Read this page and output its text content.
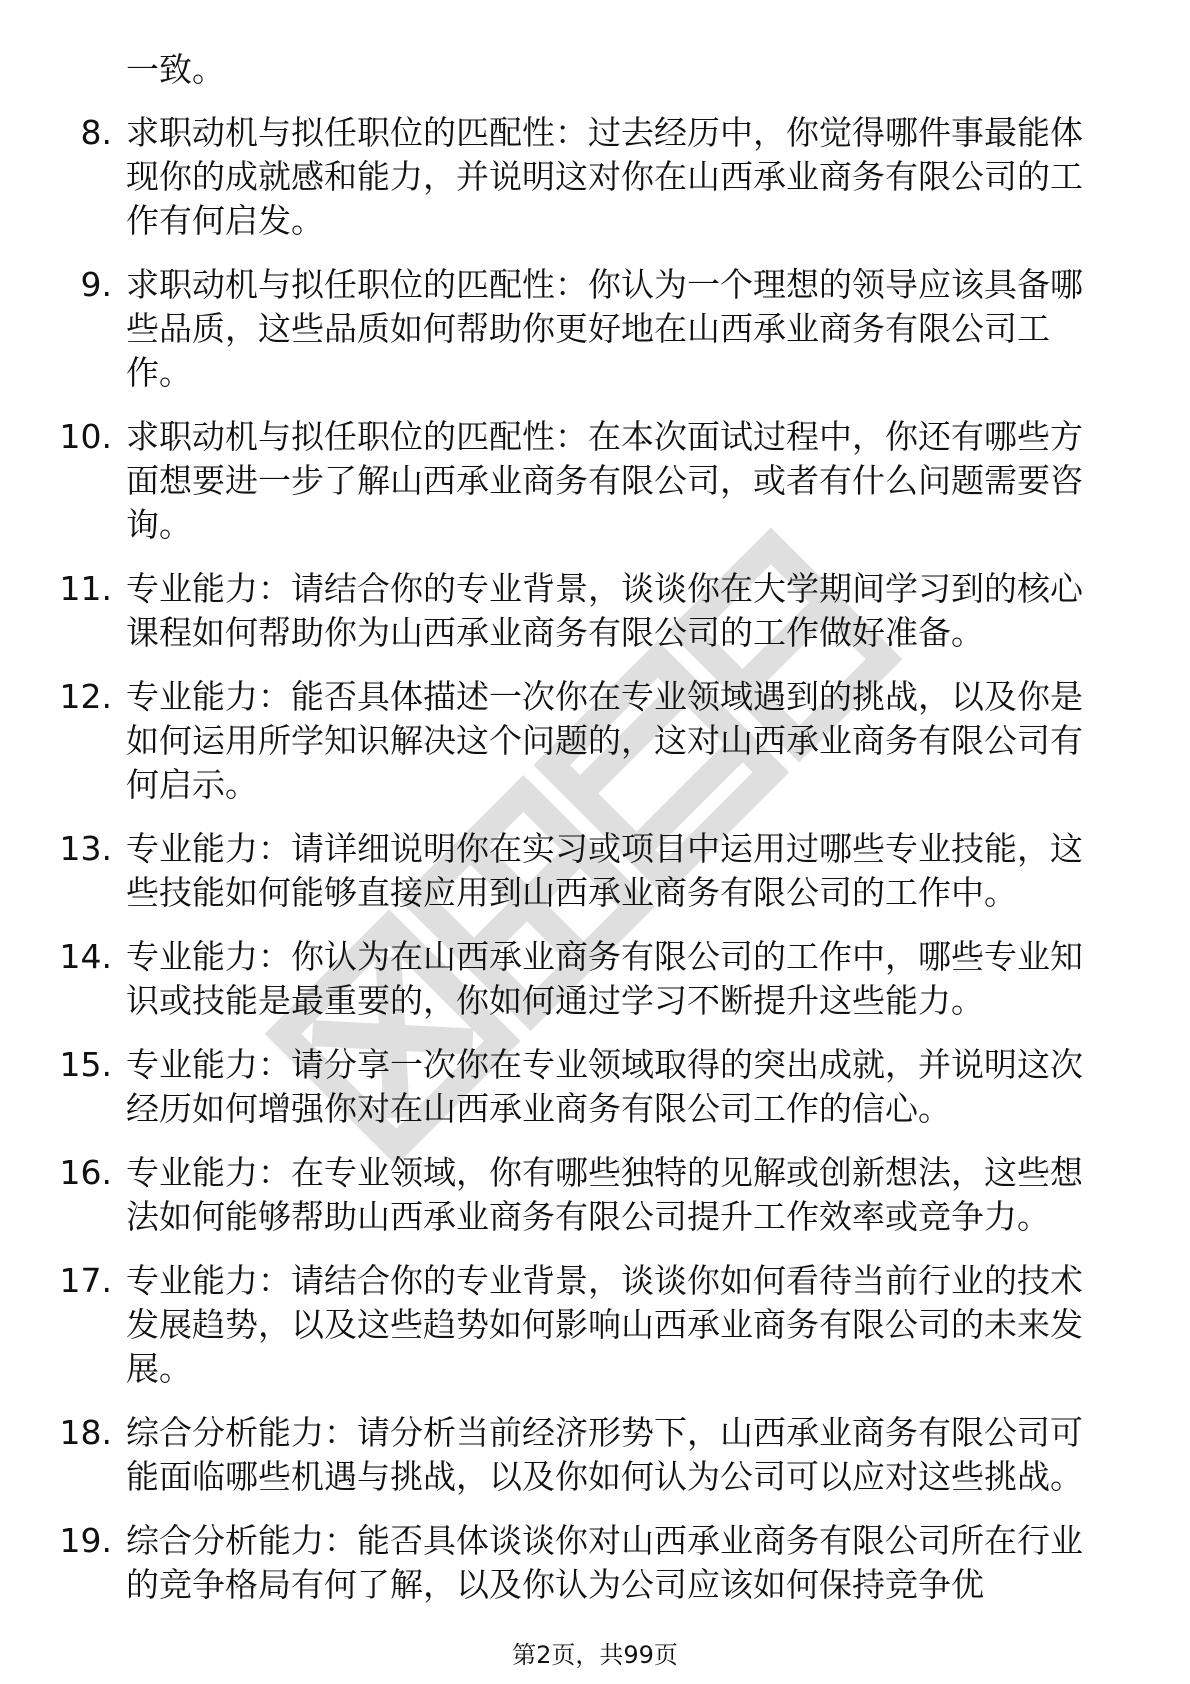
一致。

8. 求职动机与拟任职位的匹配性：过去经历中，你觉得哪件事最能体现你的成就感和能力，并说明这对你在山西承业商务有限公司的工作有何启发。
9. 求职动机与拟任职位的匹配性：你认为一个理想的领导应该具备哪些品质，这些品质如何帮助你更好地在山西承业商务有限公司工作。
10. 求职动机与拟任职位的匹配性：在本次面试过程中，你还有哪些方面想要进一步了解山西承业商务有限公司，或者有什么问题需要咨询。
11. 专业能力：请结合你的专业背景，谈谈你在大学期间学习到的核心课程如何帮助你为山西承业商务有限公司的工作做好准备。
12. 专业能力：能否具体描述一次你在专业领域遇到的挑战，以及你是如何运用所学知识解决这个问题的，这对山西承业商务有限公司有何启示。
13. 专业能力：请详细说明你在实习或项目中运用过哪些专业技能，这些技能如何能够直接应用到山西承业商务有限公司的工作中。
14. 专业能力：你认为在山西承业商务有限公司的工作中，哪些专业知识或技能是最重要的，你如何通过学习不断提升这些能力。
15. 专业能力：请分享一次你在专业领域取得的突出成就，并说明这次经历如何增强你对在山西承业商务有限公司工作的信心。
16. 专业能力：在专业领域，你有哪些独特的见解或创新想法，这些想法如何能够帮助山西承业商务有限公司提升工作效率或竞争力。
17. 专业能力：请结合你的专业背景，谈谈你如何看待当前行业的技术发展趋势，以及这些趋势如何影响山西承业商务有限公司的未来发展。
18. 综合分析能力：请分析当前经济形势下，山西承业商务有限公司可能面临哪些机遇与挑战，以及你如何认为公司可以应对这些挑战。
19. 综合分析能力：能否具体谈谈你对山西承业商务有限公司所在行业的竞争格局有何了解，以及你认为公司应该如何保持竞争优
第2页，共99页
